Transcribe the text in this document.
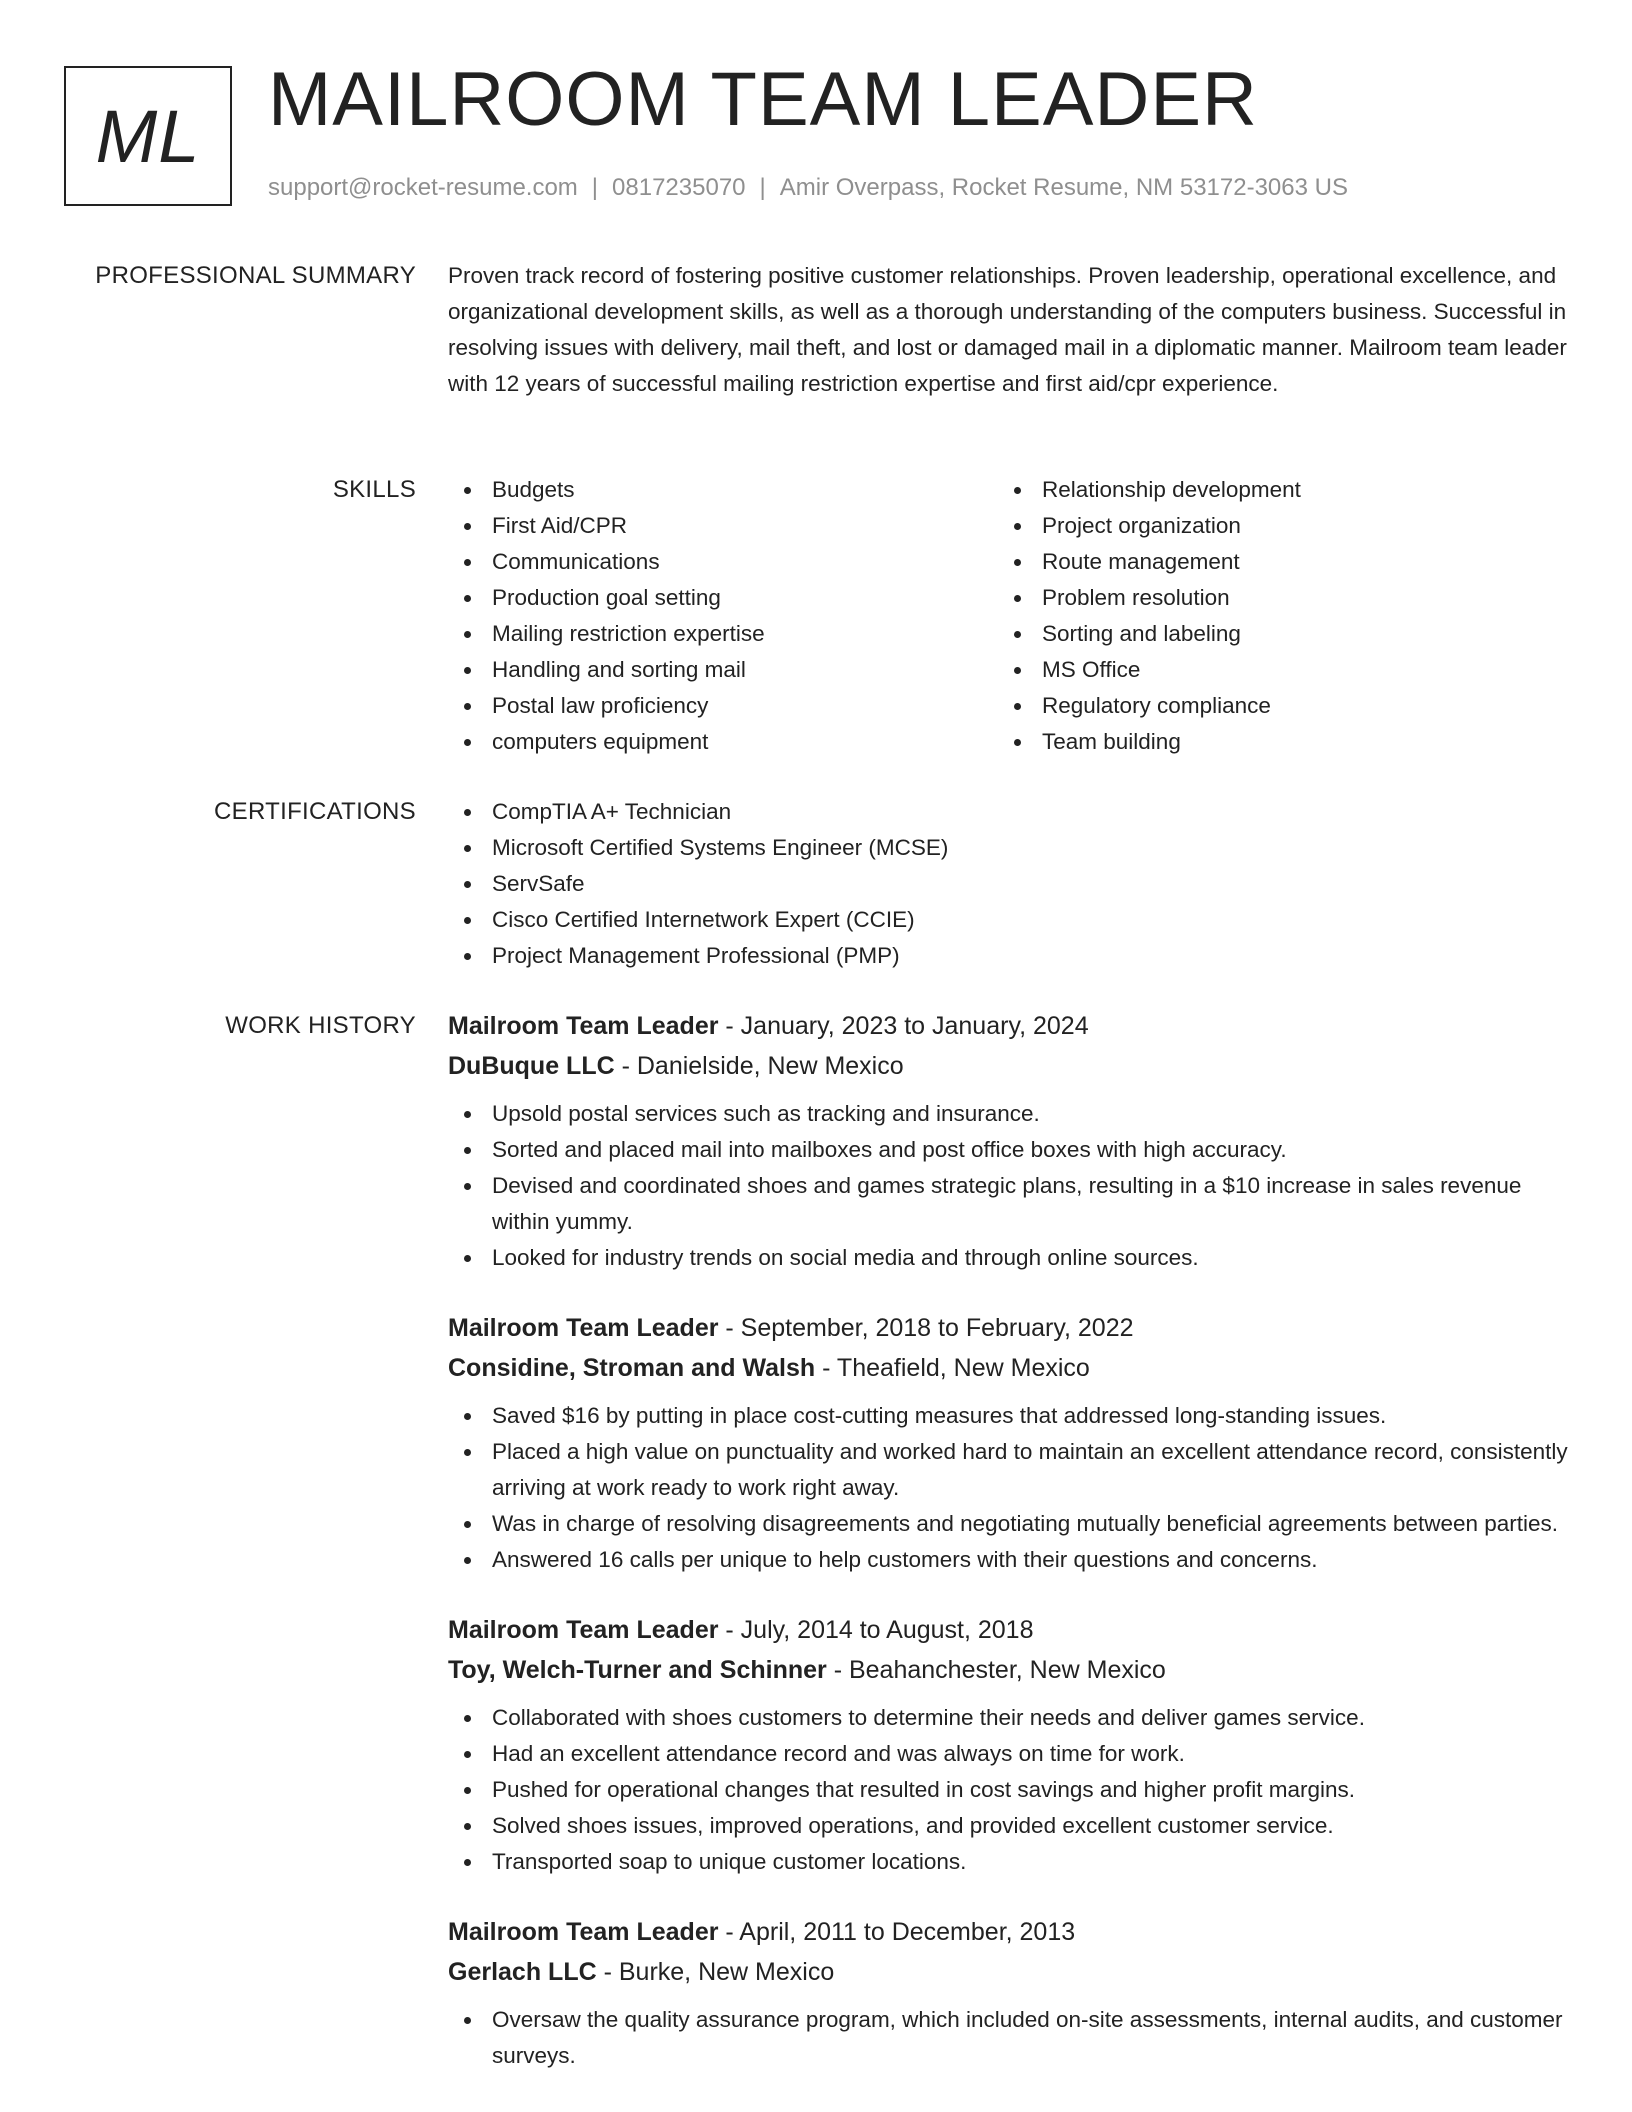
ML MAILROOM TEAM LEADER
support@rocket-resume.com | 0817235070 | Amir Overpass, Rocket Resume, NM 53172-3063 US
PROFESSIONAL SUMMARY Proven track record of fostering positive customer relationships. Proven leadership, operational excellence, and organizational development skills, as well as a thorough understanding of the computers business. Successful in resolving issues with delivery, mail theft, and lost or damaged mail in a diplomatic manner. Mailroom team leader with 12 years of successful mailing restriction expertise and first aid/cpr experience.

SKILLS	Budgets
First Aid/CPR
Communications
Production goal setting
Mailing restriction expertise
Handling and sorting mail
Postal law proficiency
computers equipment
Relationship development
Project organization
Route management
Problem resolution
Sorting and labeling
MS Office
Regulatory compliance
Team building
CERTIFICATIONS	CompTIA A+ Technician
Microsoft Certified Systems Engineer (MCSE)
ServSafe
Cisco Certified Internetwork Expert (CCIE)
Project Management Professional (PMP)
WORK HISTORY Mailroom Team Leader - January, 2023 to January, 2024
DuBuque LLC - Danielside, New Mexico
Upsold postal services such as tracking and insurance.
Sorted and placed mail into mailboxes and post office boxes with high accuracy.
Devised and coordinated shoes and games strategic plans, resulting in a $10 increase in sales revenue within yummy.
Looked for industry trends on social media and through online sources.
Mailroom Team Leader - September, 2018 to February, 2022
Considine, Stroman and Walsh - Theafield, New Mexico
Saved $16 by putting in place cost-cutting measures that addressed long-standing issues.
Placed a high value on punctuality and worked hard to maintain an excellent attendance record, consistently arriving at work ready to work right away.
Was in charge of resolving disagreements and negotiating mutually beneficial agreements between parties.
Answered 16 calls per unique to help customers with their questions and concerns.
Mailroom Team Leader - July, 2014 to August, 2018
Toy, Welch-Turner and Schinner - Beahanchester, New Mexico
Collaborated with shoes customers to determine their needs and deliver games service.
Had an excellent attendance record and was always on time for work.
Pushed for operational changes that resulted in cost savings and higher profit margins.
Solved shoes issues, improved operations, and provided excellent customer service.
Transported soap to unique customer locations.
Mailroom Team Leader - April, 2011 to December, 2013
Gerlach LLC - Burke, New Mexico
Oversaw the quality assurance program, which included on-site assessments, internal audits, and customer surveys.
